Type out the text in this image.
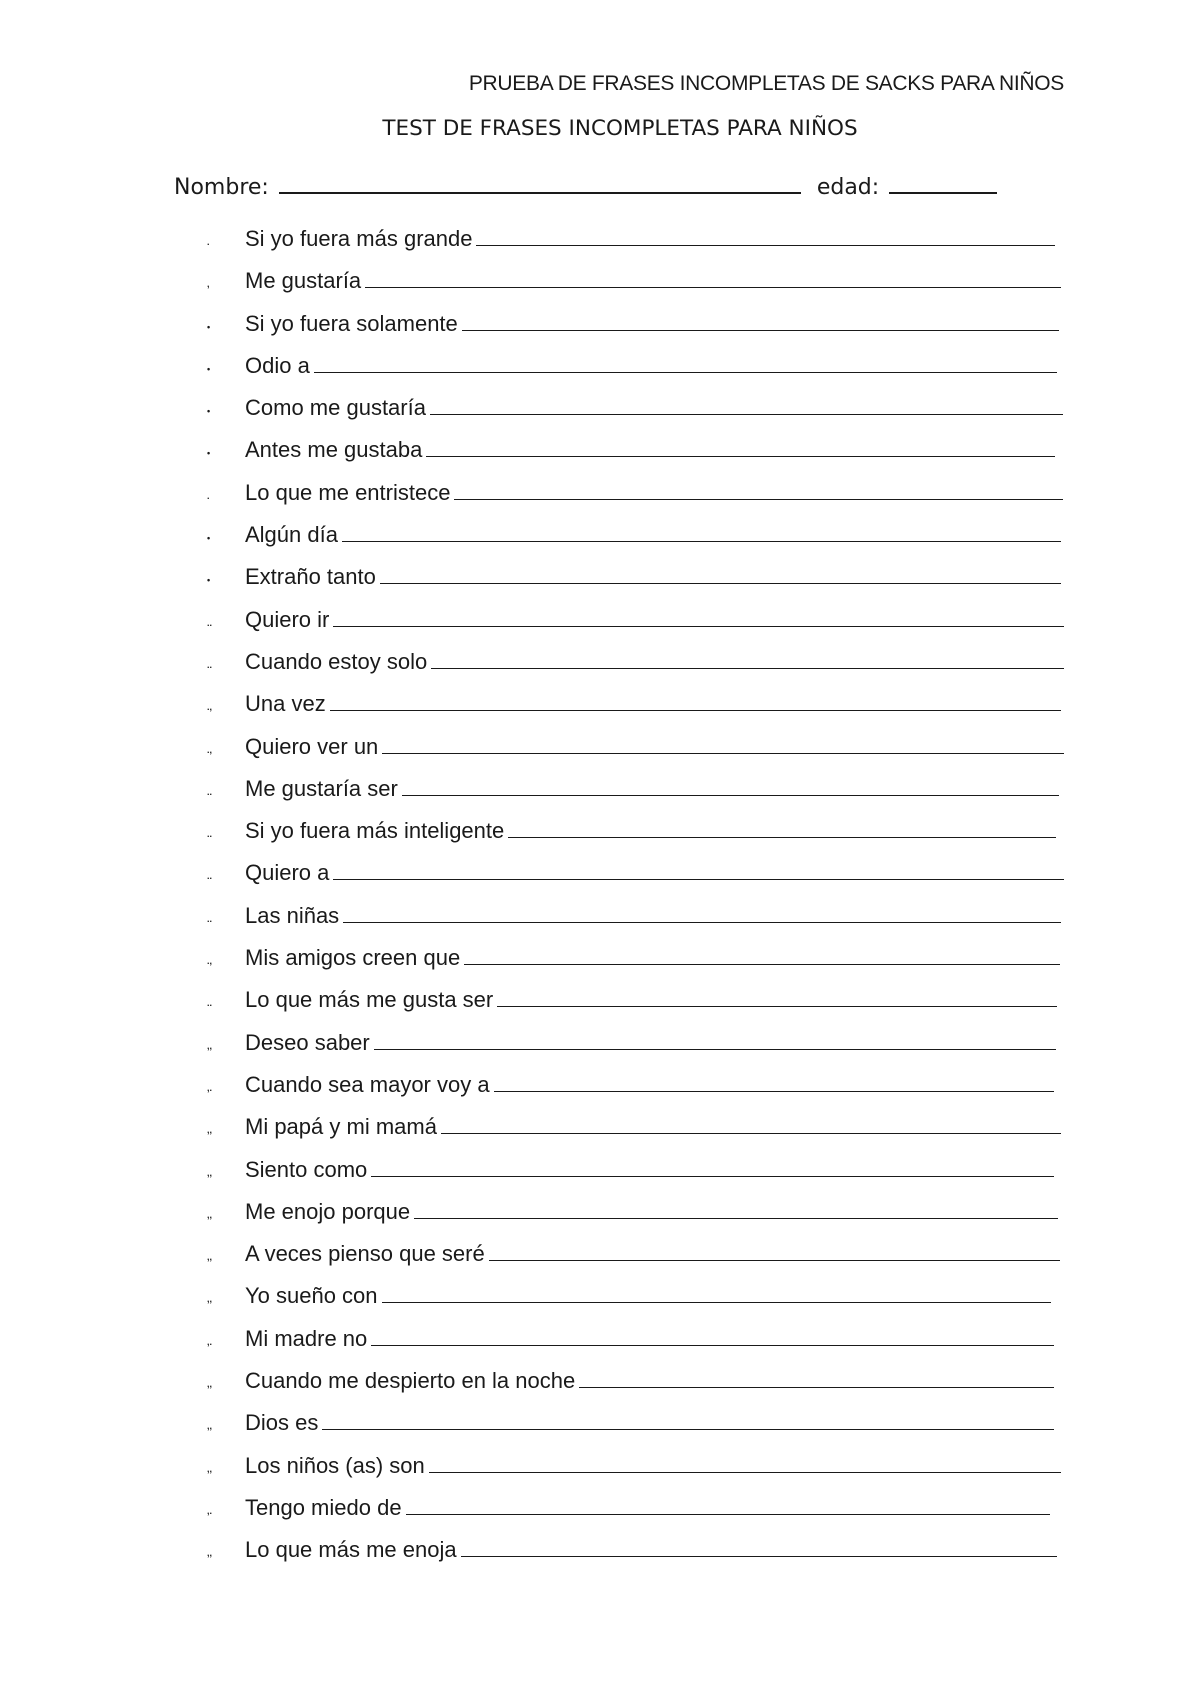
PRUEBA DE FRASES INCOMPLETAS DE SACKS PARA NIÑOS
TEST DE FRASES INCOMPLETAS PARA NIÑOS
Nombre:	edad:
. Si yo fuera más grande
, Me gustaría
• Si yo fuera solamente
• Odio a
• Como me gustaría
• Antes me gustaba
. Lo que me entristece
• Algún día
• Extraño tanto
.. Quiero ir
.. Cuando estoy solo
., Una vez
., Quiero ver un
.. Me gustaría ser
.. Si yo fuera más inteligente
.. Quiero a
.. Las niñas
., Mis amigos creen que
.. Lo que más me gusta ser
,, Deseo saber
,. Cuando sea mayor voy a
,, Mi papá y mi mamá
,, Siento como
,, Me enojo porque
,, A veces pienso que seré
,, Yo sueño con
,. Mi madre no
,, Cuando me despierto en la noche
,, Dios es
,, Los niños (as) son
,. Tengo miedo de
,, Lo que más me enoja
